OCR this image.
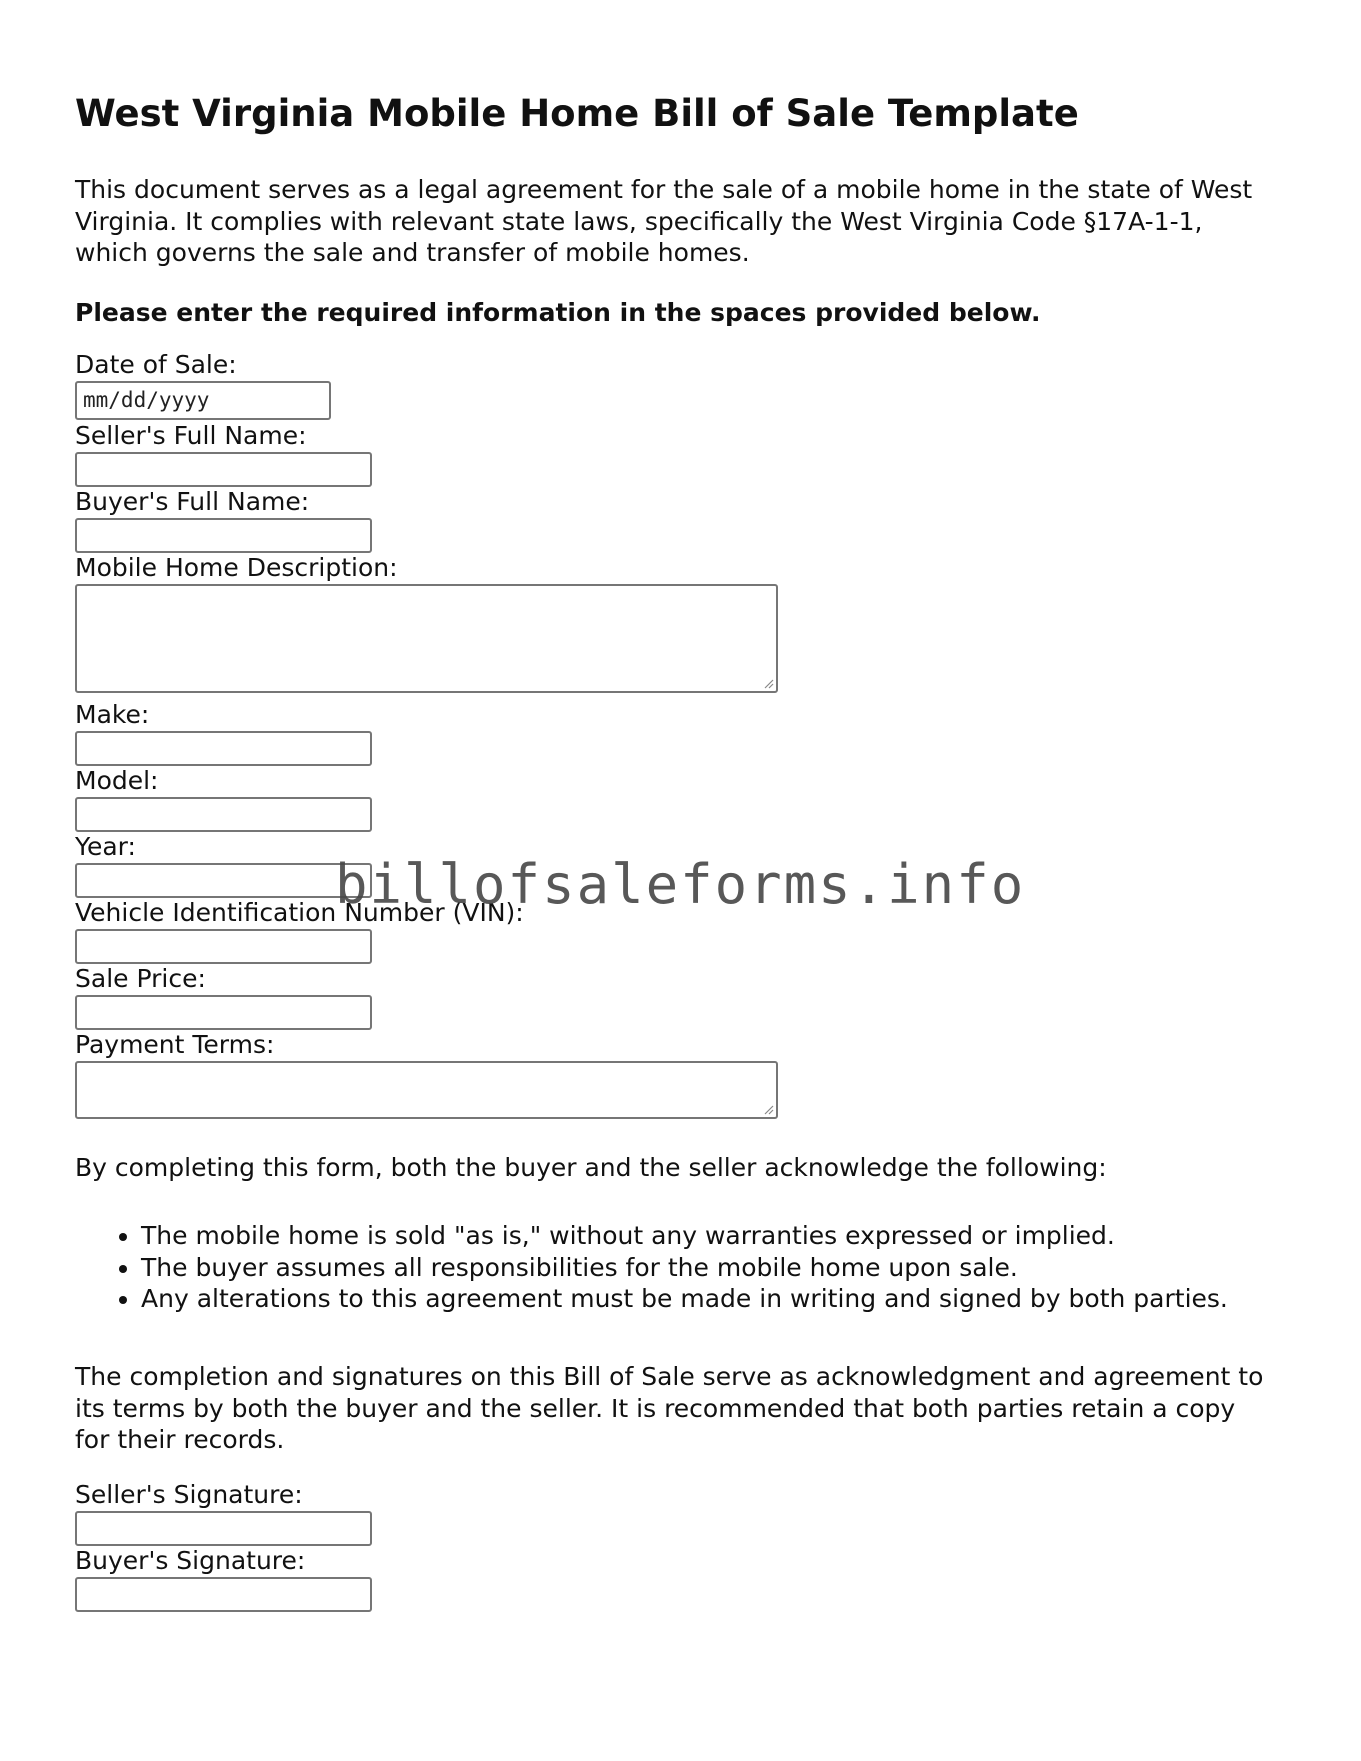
West Virginia Mobile Home Bill of Sale Template

This document serves as a legal agreement for the sale of a mobile home in the state of West Virginia. It complies with relevant state laws, specifically the West Virginia Code §17A-1-1, which governs the sale and transfer of mobile homes.

Please enter the required information in the spaces provided below.

Date of Sale:
mm/dd/yyyy
Seller's Full Name:
Buyer's Full Name:
Mobile Home Description:
Make:
Model:
Year:
Vehicle Identification Number (VIN):
Sale Price:
Payment Terms:

By completing this form, both the buyer and the seller acknowledge the following:

• The mobile home is sold "as is," without any warranties expressed or implied.
• The buyer assumes all responsibilities for the mobile home upon sale.
• Any alterations to this agreement must be made in writing and signed by both parties.

The completion and signatures on this Bill of Sale serve as acknowledgment and agreement to its terms by both the buyer and the seller. It is recommended that both parties retain a copy for their records.

Seller's Signature:
Buyer's Signature:
billofsaleforms.info
